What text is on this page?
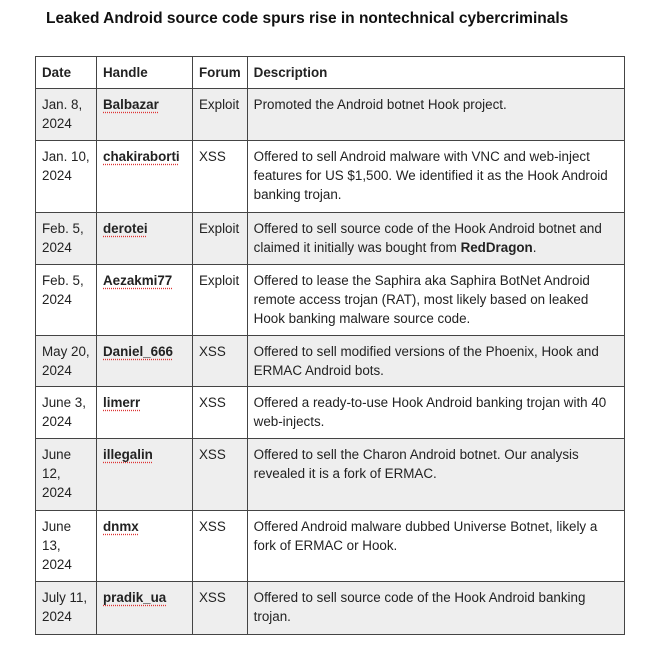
Leaked Android source code spurs rise in nontechnical cybercriminals
Date	Handle	Forum	Description
Jan. 8, 2024	Balbazar	Exploit	Promoted the Android botnet Hook project.
Jan. 10, 2024	chakiraborti	XSS	Offered to sell Android malware with VNC and web-inject features for US $1,500. We identified it as the Hook Android banking trojan.
Feb. 5, 2024	derotei	Exploit	Offered to sell source code of the Hook Android botnet and claimed it initially was bought from RedDragon.
Feb. 5, 2024	Aezakmi77	Exploit	Offered to lease the Saphira aka Saphira BotNet Android remote access trojan (RAT), most likely based on leaked Hook banking malware source code.
May 20, 2024	Daniel_666	XSS	Offered to sell modified versions of the Phoenix, Hook and ERMAC Android bots.
June 3, 2024	limerr	XSS	Offered a ready-to-use Hook Android banking trojan with 40 web-injects.
June 12, 2024	illegalin	XSS	Offered to sell the Charon Android botnet. Our analysis revealed it is a fork of ERMAC.
June 13, 2024	dnmx	XSS	Offered Android malware dubbed Universe Botnet, likely a fork of ERMAC or Hook.
July 11, 2024	pradik_ua	XSS	Offered to sell source code of the Hook Android banking trojan.
